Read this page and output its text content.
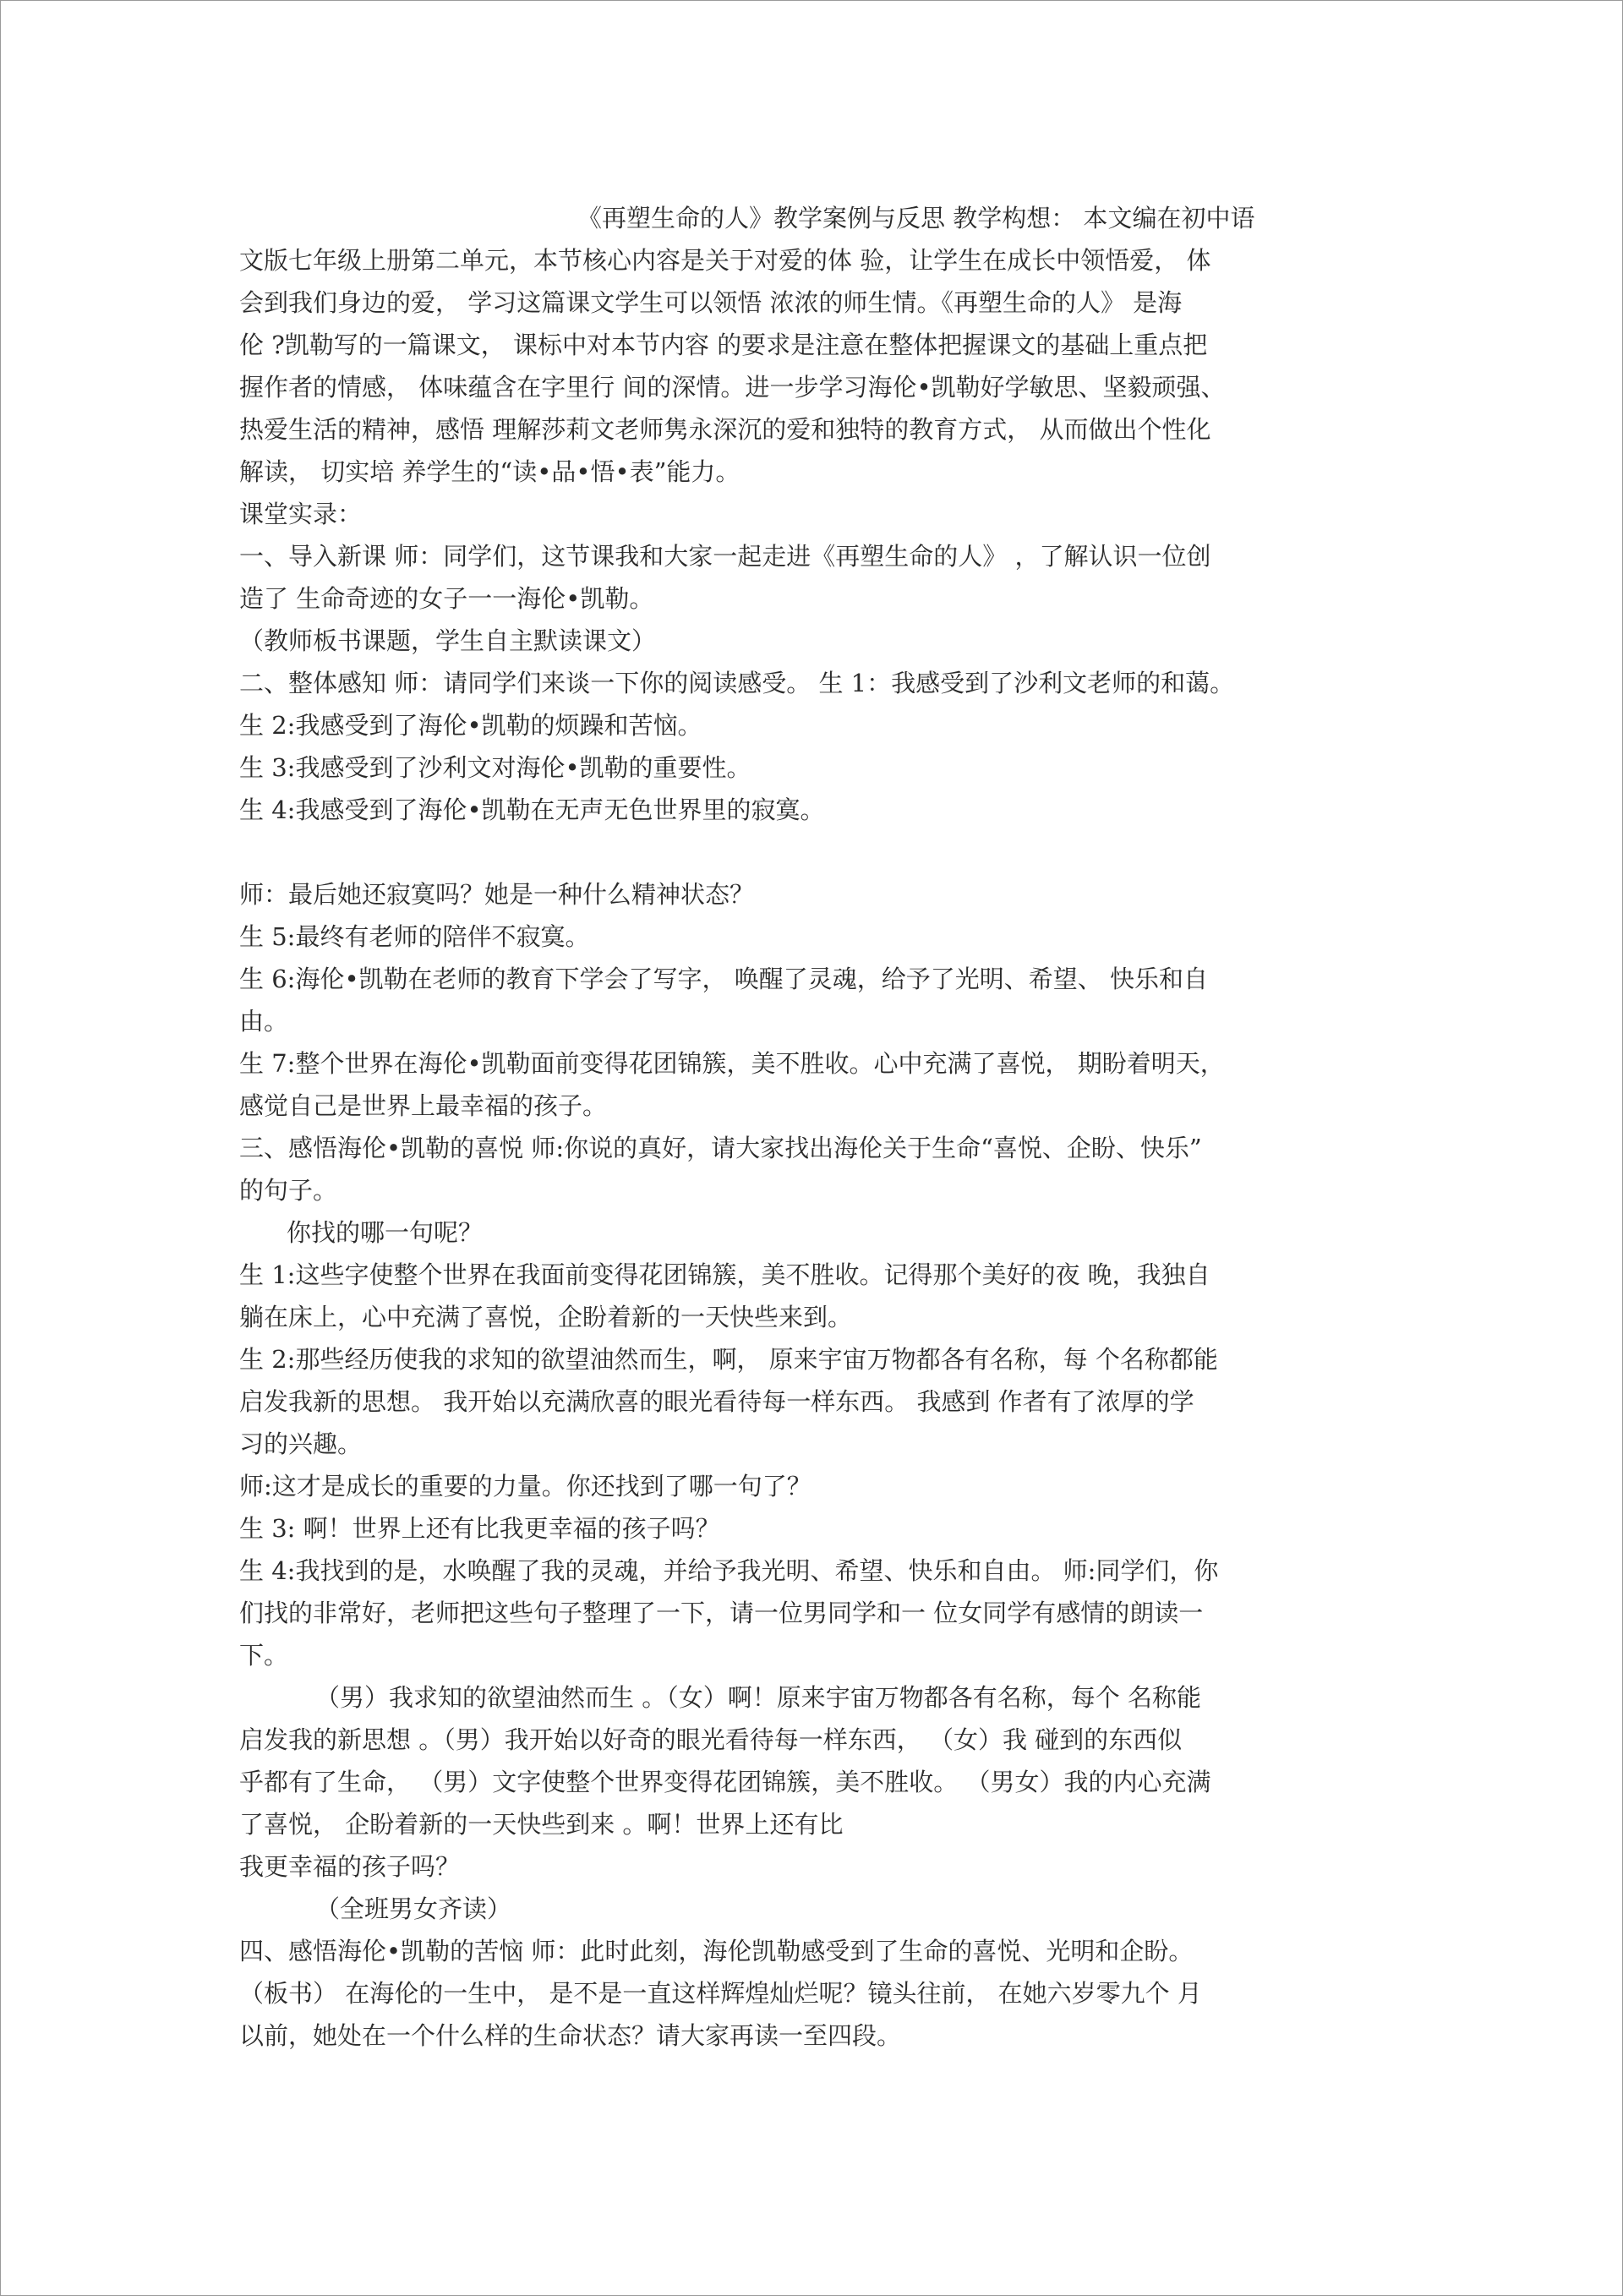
《再塑生命的人》教学案例与反思 教学构想： 本文编在初中语

文版七年级上册第二单元，本节核心内容是关于对爱的体 验，让学生在成长中领悟爱， 体

会到我们身边的爱， 学习这篇课文学生可以领悟 浓浓的师生情。《再塑生命的人》 是海

伦 ?凯勒写的一篇课文， 课标中对本节内容 的要求是注意在整体把握课文的基础上重点把

握作者的情感， 体味蕴含在字里行 间的深情。进一步学习海伦•凯勒好学敏思、坚毅顽强、

热爱生活的精神，感悟 理解莎莉文老师隽永深沉的爱和独特的教育方式， 从而做出个性化

解读， 切实培 养学生的“读•品•悟•表”能力。

课堂实录：

一、导入新课 师：同学们，这节课我和大家一起走进《再塑生命的人》 ，了解认识一位创

造了 生命奇迹的女子一一海伦•凯勒。

（教师板书课题，学生自主默读课文）

二、整体感知 师：请同学们来谈一下你的阅读感受。 生 1：我感受到了沙利文老师的和蔼。

生 2:我感受到了海伦•凯勒的烦躁和苦恼。

生 3:我感受到了沙利文对海伦•凯勒的重要性。

生 4:我感受到了海伦•凯勒在无声无色世界里的寂寞。

师：最后她还寂寞吗？她是一种什么精神状态？

生 5:最终有老师的陪伴不寂寞。

生 6:海伦•凯勒在老师的教育下学会了写字， 唤醒了灵魂，给予了光明、希望、 快乐和自

由。

生 7:整个世界在海伦•凯勒面前变得花团锦簇，美不胜收。心中充满了喜悦， 期盼着明天，

感觉自己是世界上最幸福的孩子。

三、感悟海伦•凯勒的喜悦 师:你说的真好，请大家找出海伦关于生命“喜悦、企盼、快乐”

的句子。

你找的哪一句呢？

生 1:这些字使整个世界在我面前变得花团锦簇，美不胜收。记得那个美好的夜 晚，我独自

躺在床上，心中充满了喜悦，企盼着新的一天快些来到。

生 2:那些经历使我的求知的欲望油然而生，啊， 原来宇宙万物都各有名称，每 个名称都能

启发我新的思想。 我开始以充满欣喜的眼光看待每一样东西。 我感到 作者有了浓厚的学

习的兴趣。

师:这才是成长的重要的力量。你还找到了哪一句了？

生 3: 啊！世界上还有比我更幸福的孩子吗？

生 4:我找到的是，水唤醒了我的灵魂，并给予我光明、希望、快乐和自由。 师:同学们，你

们找的非常好，老师把这些句子整理了一下，请一位男同学和一 位女同学有感情的朗读一

下。

（男）我求知的欲望油然而生 。（女）啊！原来宇宙万物都各有名称，每个 名称能

启发我的新思想 。（男）我开始以好奇的眼光看待每一样东西， （女）我 碰到的东西似

乎都有了生命， （男）文字使整个世界变得花团锦簇，美不胜收。 （男女）我的内心充满

了喜悦， 企盼着新的一天快些到来 。啊！世界上还有比

我更幸福的孩子吗？

（全班男女齐读）

四、感悟海伦•凯勒的苦恼 师：此时此刻，海伦凯勒感受到了生命的喜悦、光明和企盼。

（板书） 在海伦的一生中， 是不是一直这样辉煌灿烂呢？镜头往前， 在她六岁零九个 月

以前，她处在一个什么样的生命状态？请大家再读一至四段。
